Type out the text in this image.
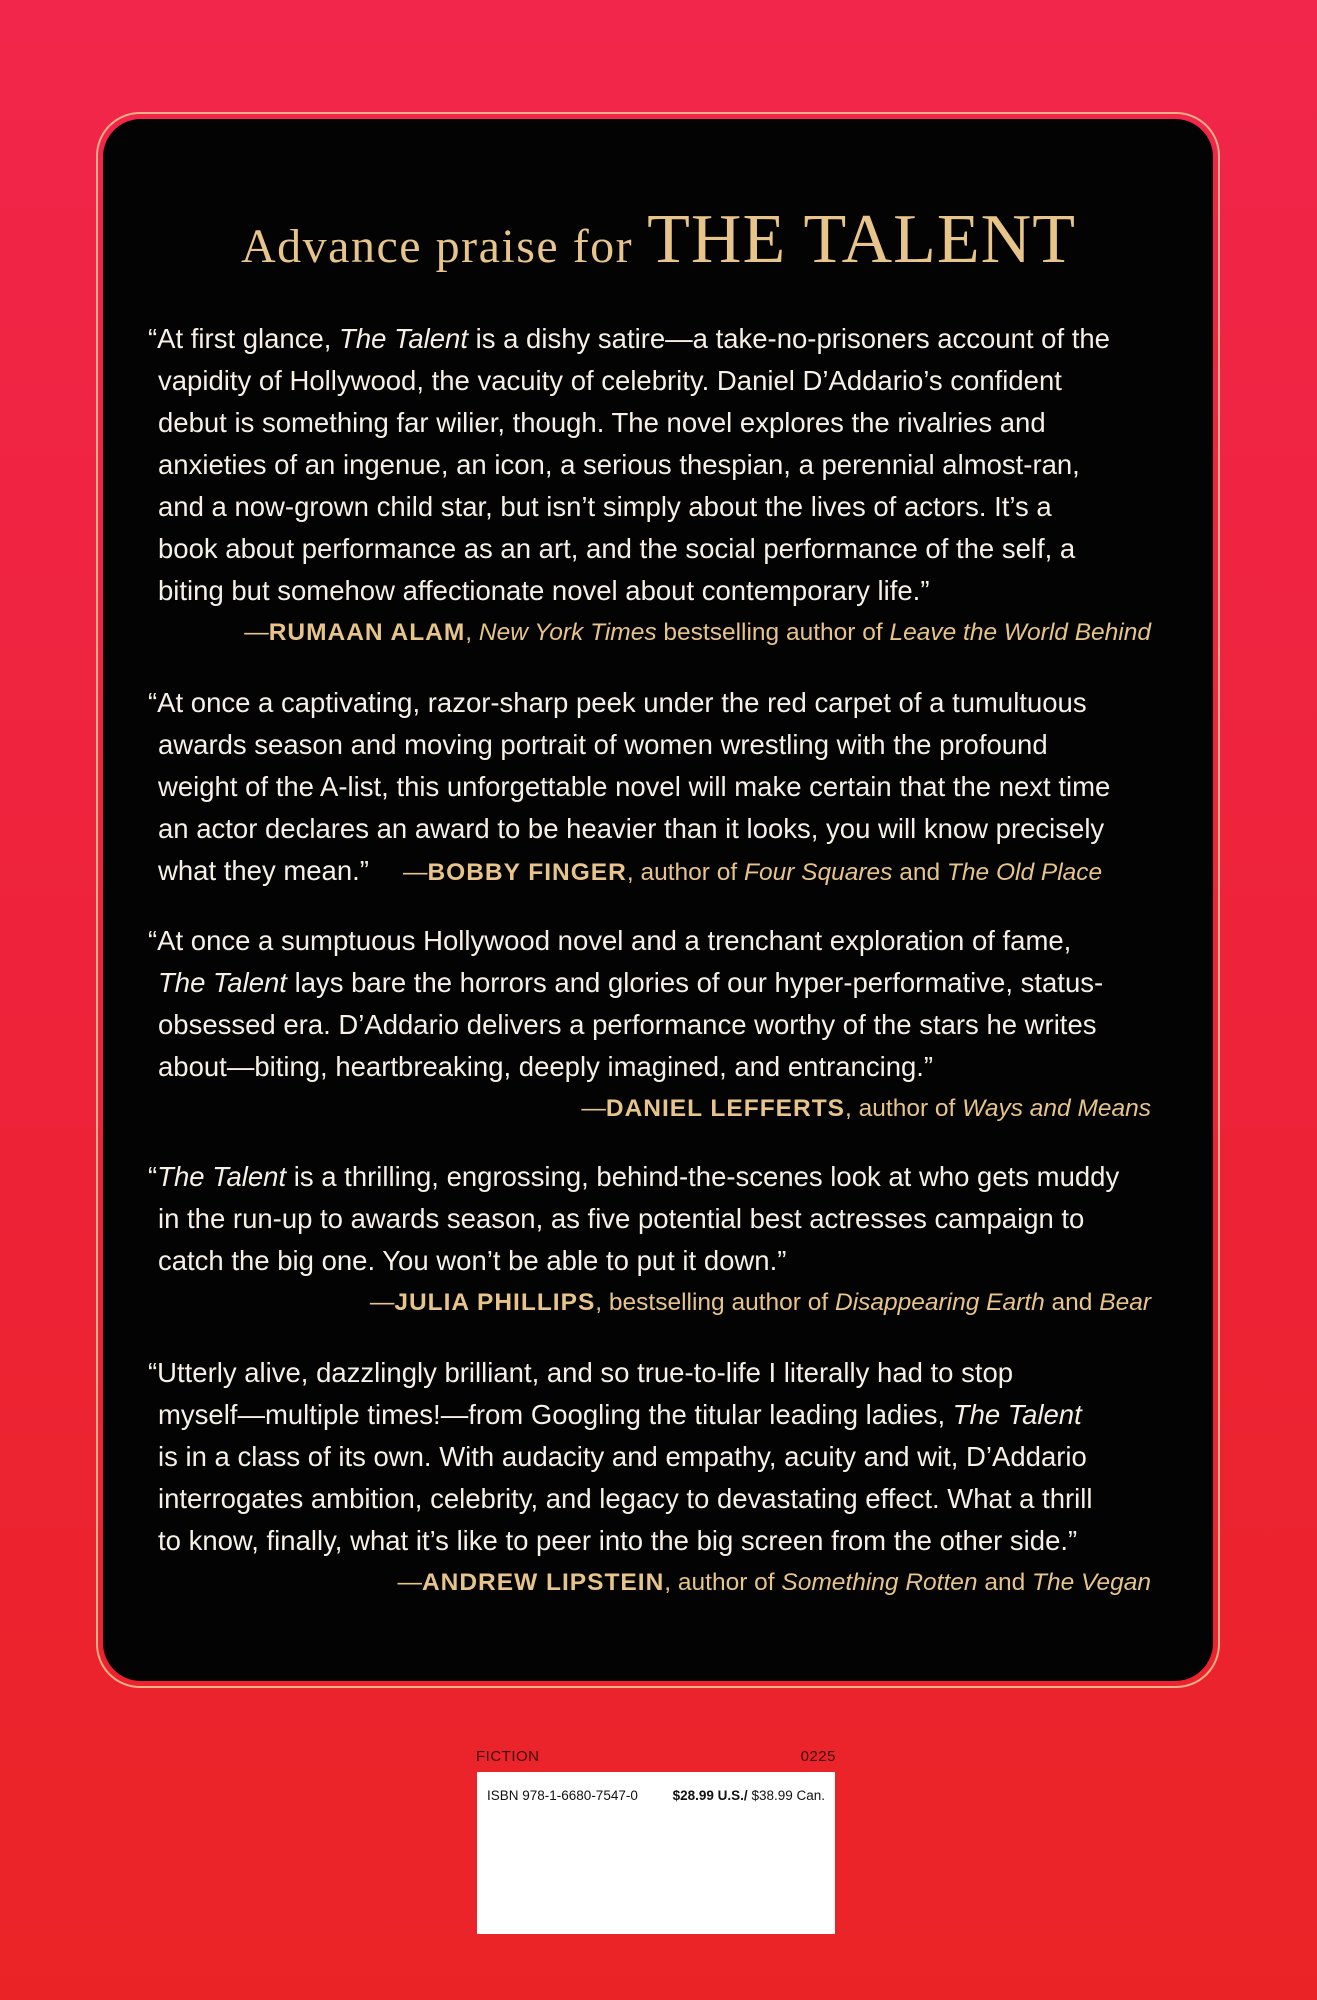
Advance praise for THE TALENT
“At first glance, The Talent is a dishy satire—a take-no-prisoners account of the
vapidity of Hollywood, the vacuity of celebrity. Daniel D’Addario’s confident
debut is something far wilier, though. The novel explores the rivalries and
anxieties of an ingenue, an icon, a serious thespian, a perennial almost-ran,
and a now-grown child star, but isn’t simply about the lives of actors. It’s a
book about performance as an art, and the social performance of the self, a
biting but somehow affectionate novel about contemporary life.”
—RUMAAN ALAM, New York Times bestselling author of Leave the World Behind
“At once a captivating, razor-sharp peek under the red carpet of a tumultuous
awards season and moving portrait of women wrestling with the profound
weight of the A-list, this unforgettable novel will make certain that the next time
an actor declares an award to be heavier than it looks, you will know precisely
what they mean.” —BOBBY FINGER, author of Four Squares and The Old Place
“At once a sumptuous Hollywood novel and a trenchant exploration of fame,
The Talent lays bare the horrors and glories of our hyper-performative, status-
obsessed era. D’Addario delivers a performance worthy of the stars he writes
about—biting, heartbreaking, deeply imagined, and entrancing.”
—DANIEL LEFFERTS, author of Ways and Means
“The Talent is a thrilling, engrossing, behind-the-scenes look at who gets muddy
in the run-up to awards season, as five potential best actresses campaign to
catch the big one. You won’t be able to put it down.”
—JULIA PHILLIPS, bestselling author of Disappearing Earth and Bear
“Utterly alive, dazzlingly brilliant, and so true-to-life I literally had to stop
myself—multiple times!—from Googling the titular leading ladies, The Talent
is in a class of its own. With audacity and empathy, acuity and wit, D’Addario
interrogates ambition, celebrity, and legacy to devastating effect. What a thrill
to know, finally, what it’s like to peer into the big screen from the other side.”
—ANDREW LIPSTEIN, author of Something Rotten and The Vegan
FICTION	0225
ISBN 978-1-6680-7547-0	$28.99 U.S./ $38.99 Can.
